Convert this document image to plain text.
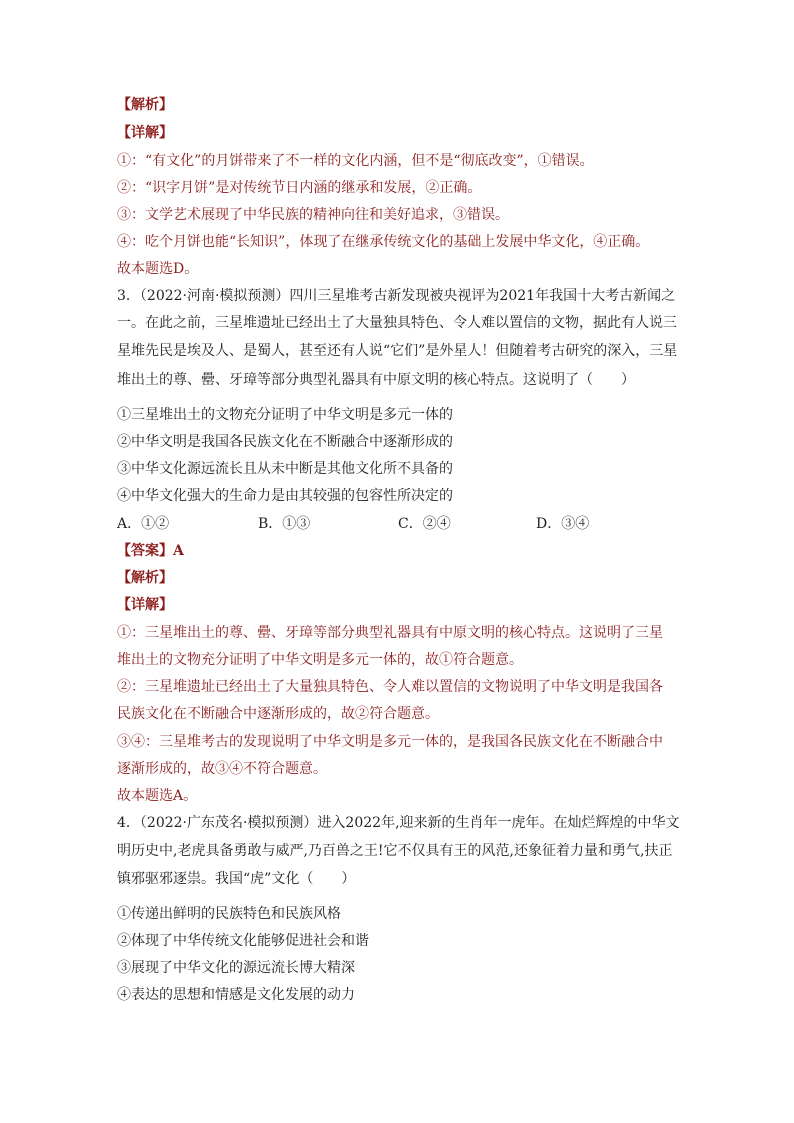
【解析】
【详解】
①：“有文化”的月饼带来了不一样的文化内涵，但不是“彻底改变”，①错误。
②：“识字月饼”是对传统节日内涵的继承和发展，②正确。
③：文学艺术展现了中华民族的精神向往和美好追求，③错误。
④：吃个月饼也能“长知识”，体现了在继承传统文化的基础上发展中华文化，④正确。
故本题选D。
3．（2022·河南·模拟预测）四川三星堆考古新发现被央视评为2021年我国十大考古新闻之
一。在此之前，三星堆遗址已经出土了大量独具特色、令人难以置信的文物，据此有人说三
星堆先民是埃及人、是蜀人，甚至还有人说“它们”是外星人！但随着考古研究的深入，三星
堆出土的尊、罍、牙璋等部分典型礼器具有中原文明的核心特点。这说明了（　　）
①三星堆出土的文物充分证明了中华文明是多元一体的
②中华文明是我国各民族文化在不断融合中逐渐形成的
③中华文化源远流长且从未中断是其他文化所不具备的
④中华文化强大的生命力是由其较强的包容性所决定的
A．①②	B．①③	C．②④	D．③④
【答案】A
【解析】
【详解】
①：三星堆出土的尊、罍、牙璋等部分典型礼器具有中原文明的核心特点。这说明了三星
堆出土的文物充分证明了中华文明是多元一体的，故①符合题意。
②：三星堆遗址已经出土了大量独具特色、令人难以置信的文物说明了中华文明是我国各
民族文化在不断融合中逐渐形成的，故②符合题意。
③④：三星堆考古的发现说明了中华文明是多元一体的，是我国各民族文化在不断融合中
逐渐形成的，故③④不符合题意。
故本题选A。
4．（2022·广东茂名·模拟预测）进入2022年,迎来新的生肖年一虎年。在灿烂辉煌的中华文
明历史中,老虎具备勇敢与威严,乃百兽之王!它不仅具有王的风范,还象征着力量和勇气,扶正
镇邪驱邪逐祟。我国“虎”文化（　　）
①传递出鲜明的民族特色和民族风格
②体现了中华传统文化能够促进社会和谐
③展现了中华文化的源远流长博大精深
④表达的思想和情感是文化发展的动力
